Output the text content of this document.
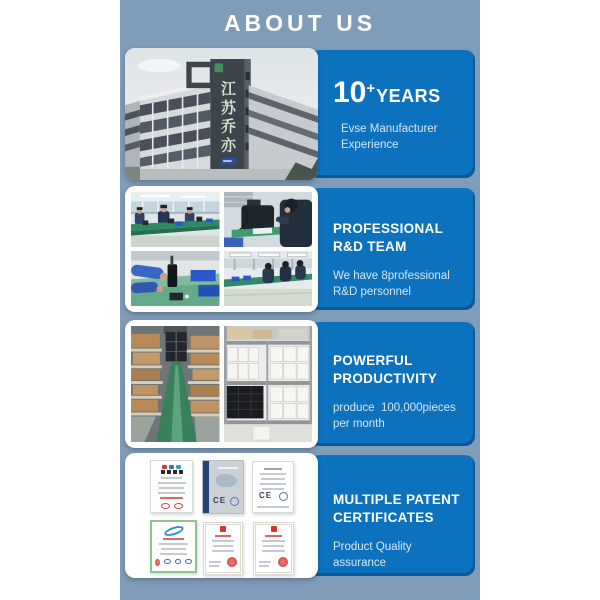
ABOUT US
10+YEARS

Evse Manufacturer
Experience

江
苏
乔
亦
PROFESSIONAL
R&D TEAM

We have 8professional
R&D personnel

POWERFUL
PRODUCTIVITY

produce  100,000pieces
per month

MULTIPLE PATENT
CERTIFICATES

Product Quality
assurance

CE
CE
